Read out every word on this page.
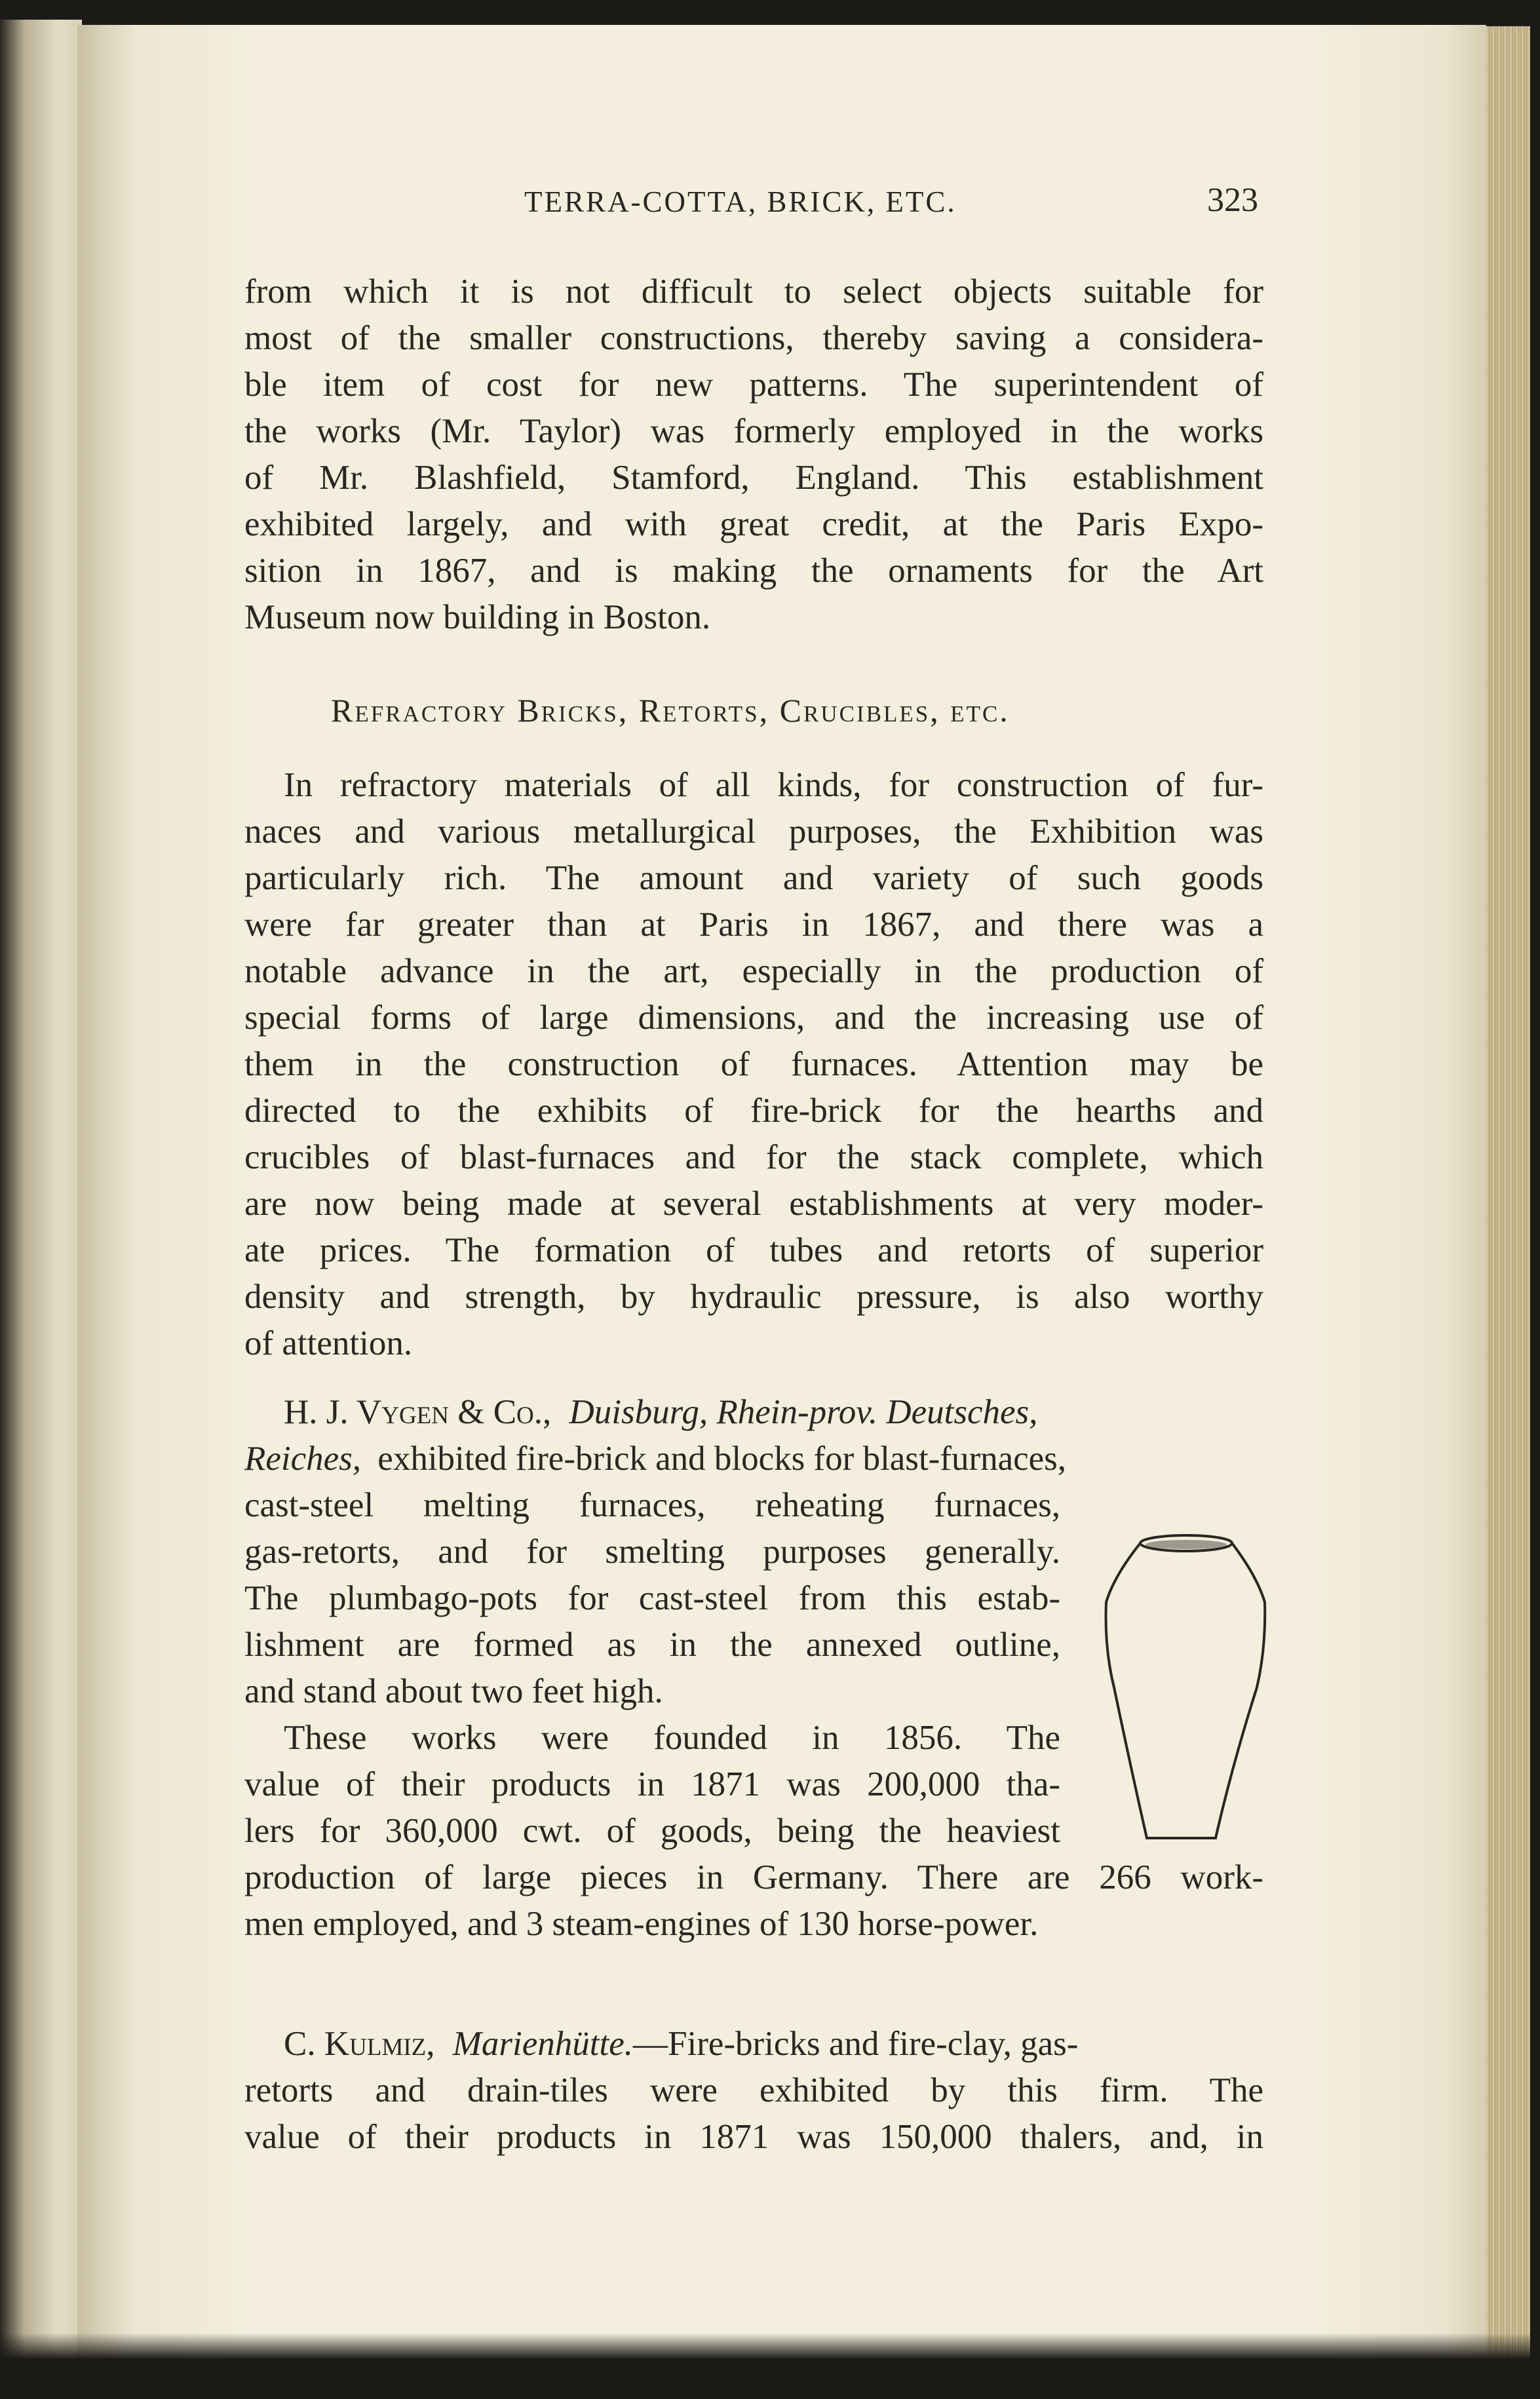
TERRA-COTTA, BRICK, ETC.	323
from which it is not difficult to select objects suitable for
most of the smaller constructions, thereby saving a considera-
ble item of cost for new patterns. The superintendent of
the works (Mr. Taylor) was formerly employed in the works
of Mr. Blashfield, Stamford, England. This establishment
exhibited largely, and with great credit, at the Paris Expo-
sition in 1867, and is making the ornaments for the Art
Museum now building in Boston.
Refractory Bricks, Retorts, Crucibles, etc.
In refractory materials of all kinds, for construction of fur-
naces and various metallurgical purposes, the Exhibition was
particularly rich. The amount and variety of such goods
were far greater than at Paris in 1867, and there was a
notable advance in the art, especially in the production of
special forms of large dimensions, and the increasing use of
them in the construction of furnaces. Attention may be
directed to the exhibits of fire-brick for the hearths and
crucibles of blast-furnaces and for the stack complete, which
are now being made at several establishments at very moder-
ate prices. The formation of tubes and retorts of superior
density and strength, by hydraulic pressure, is also worthy
of attention.
H. J. Vygen & Co., Duisburg, Rhein-prov. Deutsches,
Reiches, exhibited fire-brick and blocks for blast-furnaces,
cast-steel melting furnaces, reheating furnaces,
gas-retorts, and for smelting purposes generally.
The plumbago-pots for cast-steel from this estab-
lishment are formed as in the annexed outline,
and stand about two feet high.
These works were founded in 1856. The
value of their products in 1871 was 200,000 tha-
lers for 360,000 cwt. of goods, being the heaviest
production of large pieces in Germany. There are 266 work-
men employed, and 3 steam-engines of 130 horse-power.
C. Kulmiz, Marienhütte.—Fire-bricks and fire-clay, gas-
retorts and drain-tiles were exhibited by this firm. The
value of their products in 1871 was 150,000 thalers, and, in
